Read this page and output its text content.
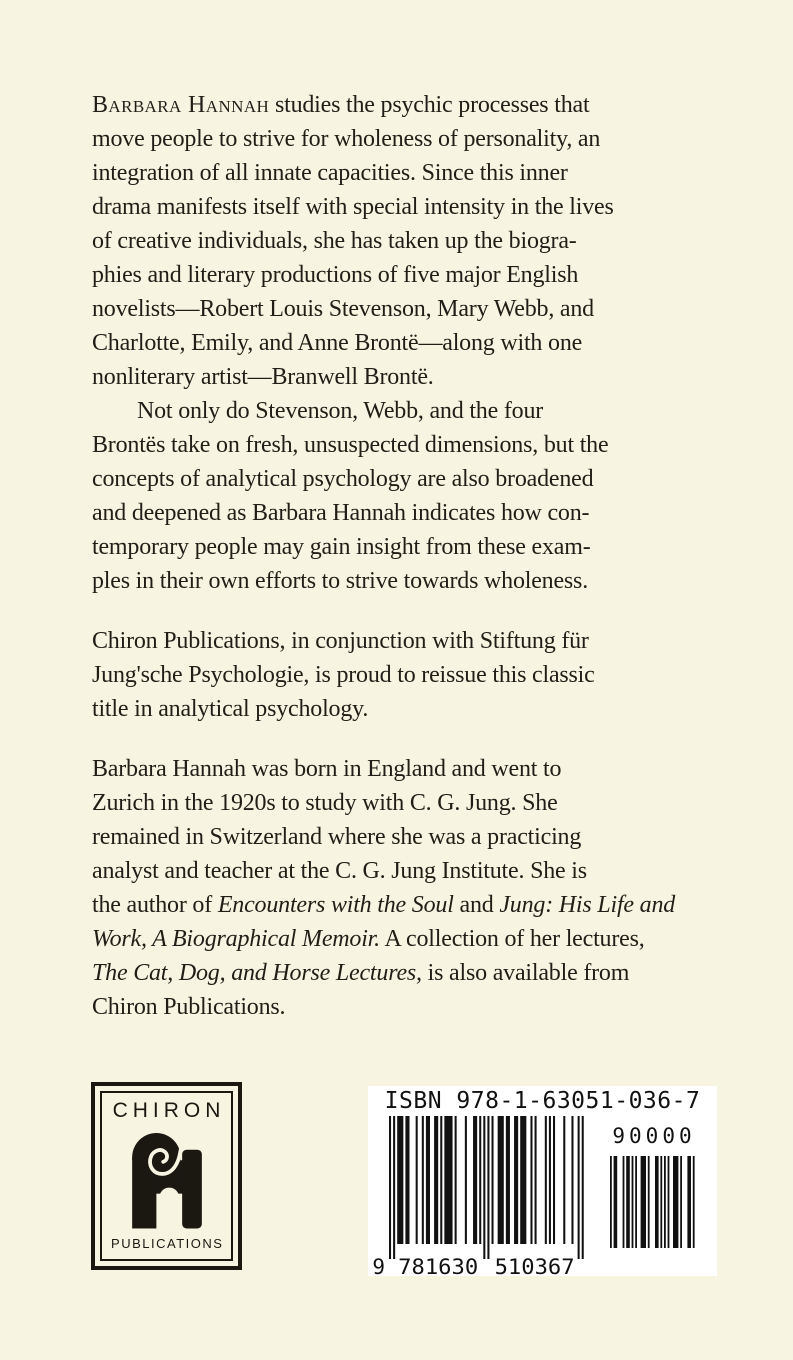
Barbara Hannah studies the psychic processes that
move people to strive for wholeness of personality, an
integration of all innate capacities. Since this inner
drama manifests itself with special intensity in the lives
of creative individuals, she has taken up the biogra-
phies and literary productions of five major English
novelists—Robert Louis Stevenson, Mary Webb, and
Charlotte, Emily, and Anne Brontë—along with one
nonliterary artist—Branwell Brontë.
Not only do Stevenson, Webb, and the four
Brontës take on fresh, unsuspected dimensions, but the
concepts of analytical psychology are also broadened
and deepened as Barbara Hannah indicates how con-
temporary people may gain insight from these exam-
ples in their own efforts to strive towards wholeness.
Chiron Publications, in conjunction with Stiftung für
Jung'sche Psychologie, is proud to reissue this classic
title in analytical psychology.
Barbara Hannah was born in England and went to
Zurich in the 1920s to study with C. G. Jung. She
remained in Switzerland where she was a practicing
analyst and teacher at the C. G. Jung Institute. She is
the author of Encounters with the Soul and Jung: His Life and
Work, A Biographical Memoir. A collection of her lectures,
The Cat, Dog, and Horse Lectures, is also available from
Chiron Publications.
CHIRON
PUBLICATIONS
ISBN 978-1-63051-036-7
9 781630 510367
90000
